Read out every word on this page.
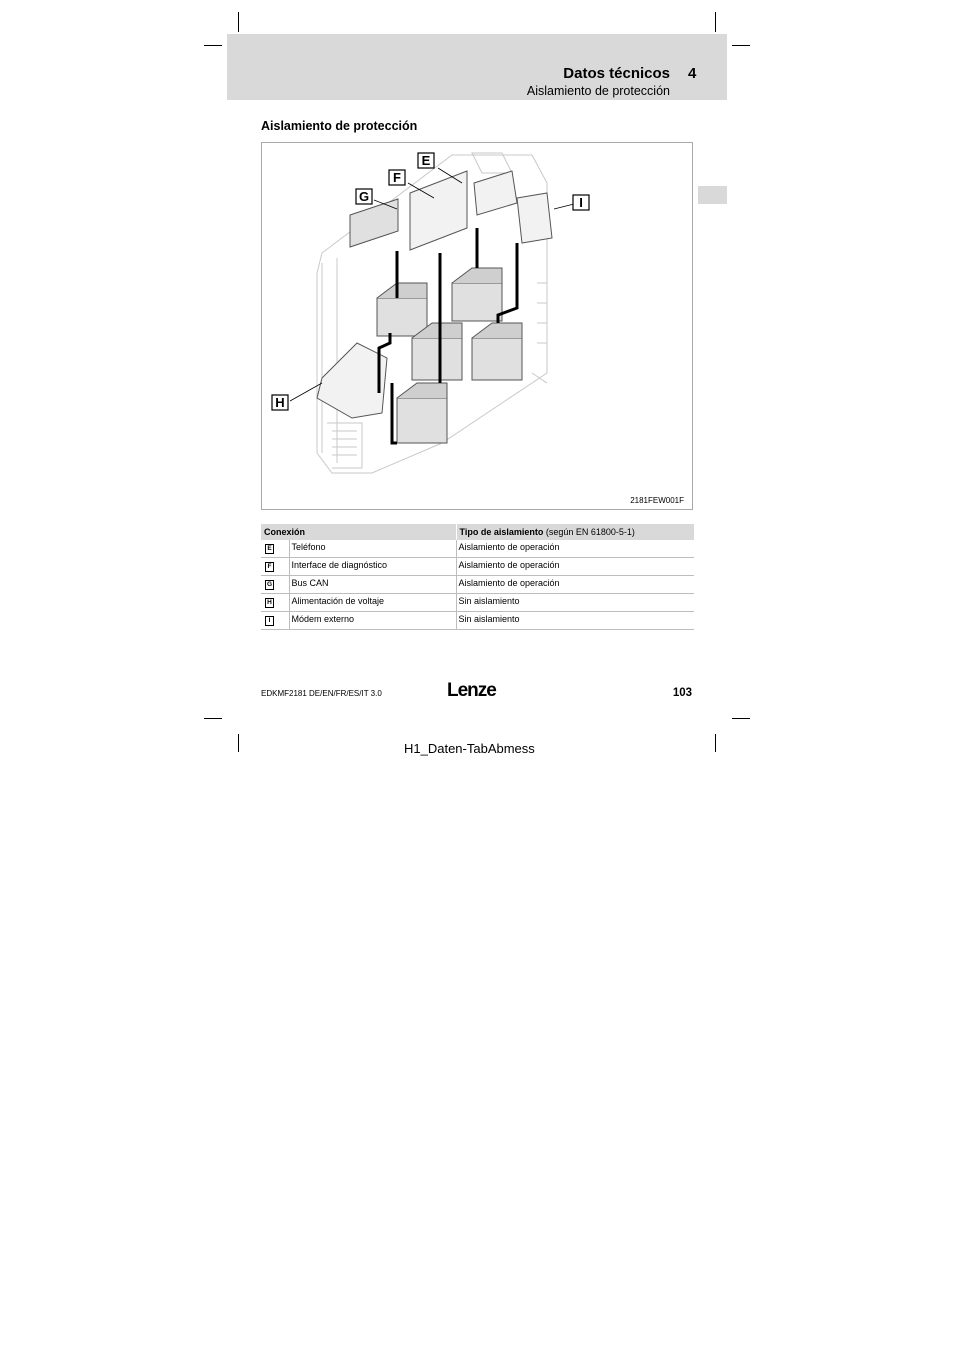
Datos técnicos 4
Aislamiento de protección
Aislamiento de protección
E
F
G
H
I
2181FEW001F
Conexión		Tipo de aislamiento (según EN 61800-5-1)
E	Teléfono	Aislamiento de operación
F	Interface de diagnóstico	Aislamiento de operación
G	Bus CAN	Aislamiento de operación
H	Alimentación de voltaje	Sin aislamiento
I	Módem externo	Sin aislamiento
EDKMF2181 DE/EN/FR/ES/IT 3.0	Lenze	103
H1_Daten-TabAbmess
